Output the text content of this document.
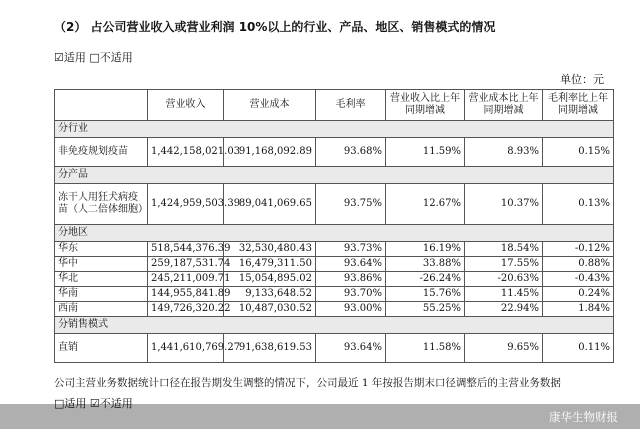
（2） 占公司营业收入或营业利润 10%以上的行业、产品、地区、销售模式的情况
☑适用 □不适用
单位：元
	营业收入	营业成本	毛利率	营业收入比上年同期增减	营业成本比上年同期增减	毛利率比上年同期增减
分行业						
非免疫规划疫苗	1,442,158,021.03	91,168,092.89	93.68%	11.59%	8.93%	0.15%
分产品						
冻干人用狂犬病疫苗（人二倍体细胞）	1,424,959,503.39	89,041,069.65	93.75%	12.67%	10.37%	0.13%
分地区						
华东	518,544,376.39	32,530,480.43	93.73%	16.19%	18.54%	-0.12%
华中	259,187,531.74	16,479,311.50	93.64%	33.88%	17.55%	0.88%
华北	245,211,009.71	15,054,895.02	93.86%	-26.24%	-20.63%	-0.43%
华南	144,955,841.89	9,133,648.52	93.70%	15.76%	11.45%	0.24%
西南	149,726,320.22	10,487,030.52	93.00%	55.25%	22.94%	1.84%
分销售模式						
直销	1,441,610,769.27	91,638,619.53	93.64%	11.58%	9.65%	0.11%
公司主营业务数据统计口径在报告期发生调整的情况下，公司最近 1 年按报告期末口径调整后的主营业务数据
□适用 ☑不适用
康华生物财报
